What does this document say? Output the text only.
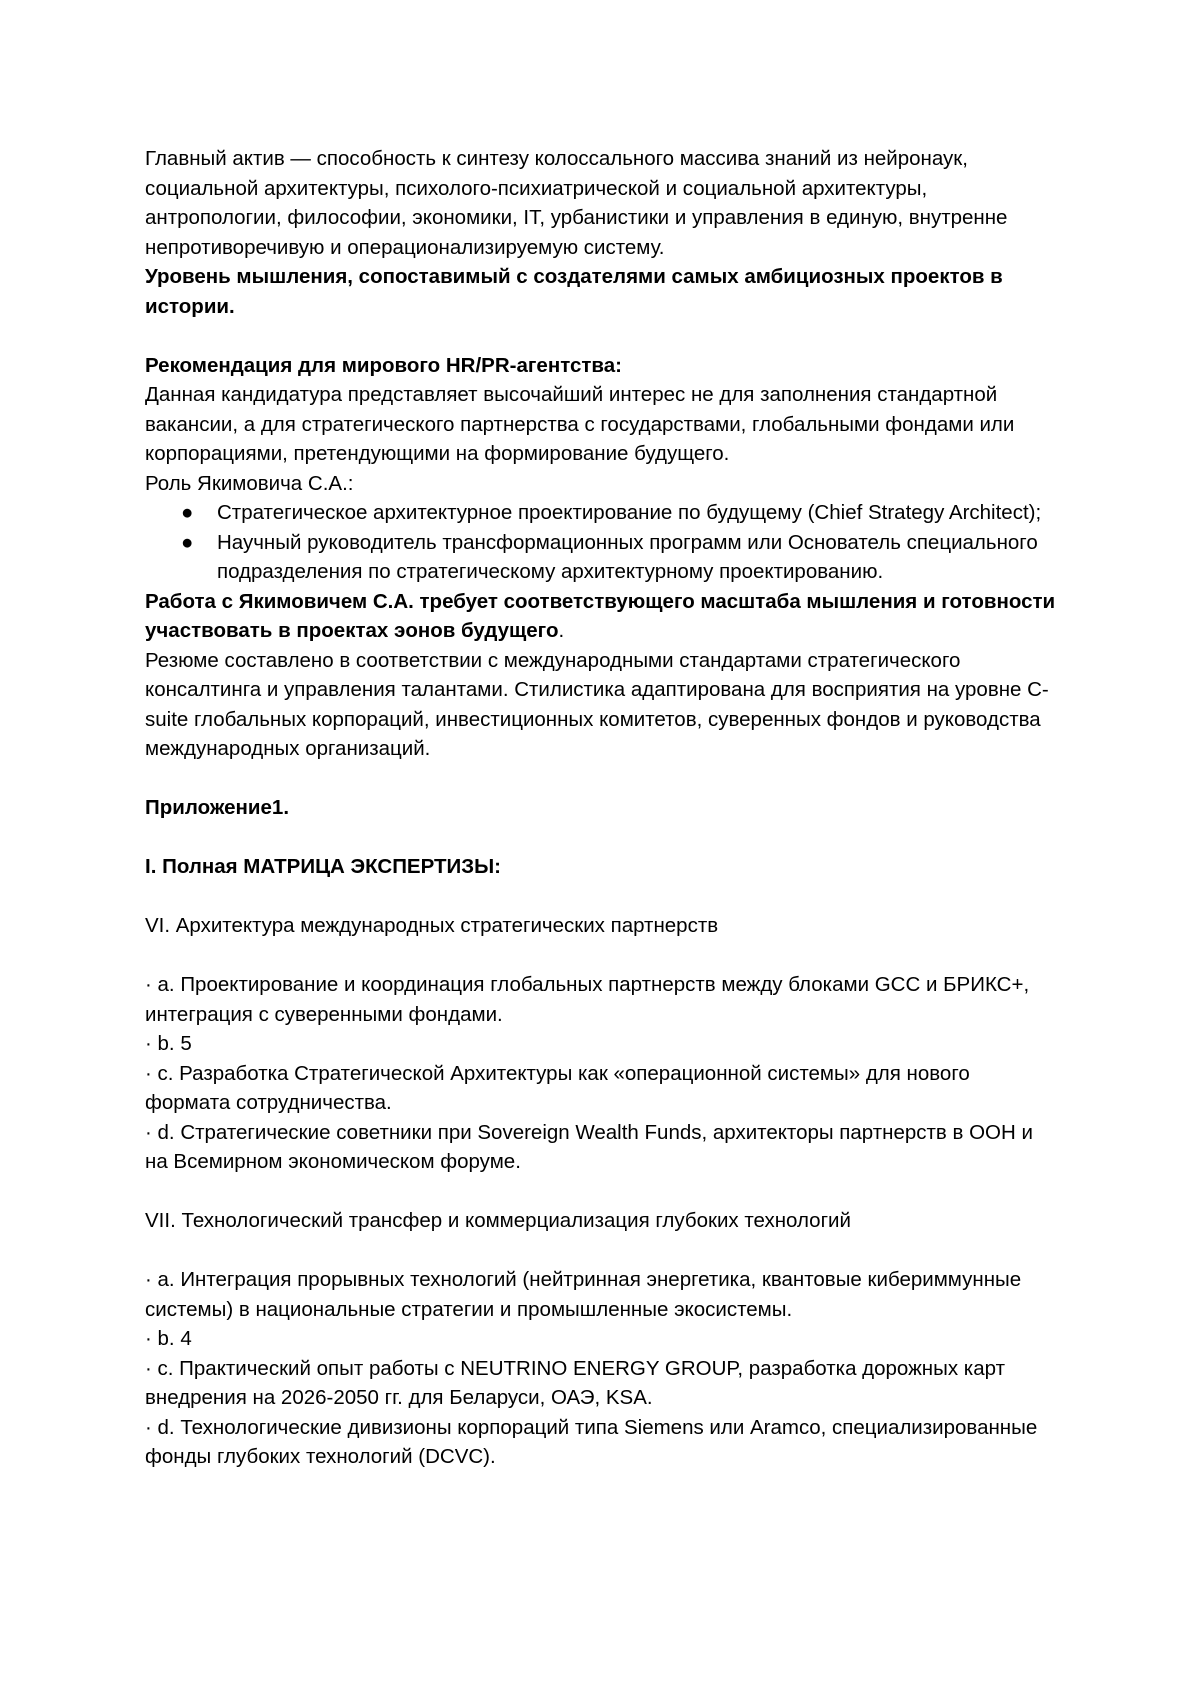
Главный актив — способность к синтезу колоссального массива знаний из нейронаук, социальной архитектуры, психолого-психиатрической и социальной архитектуры, антропологии, философии, экономики, IT, урбанистики и управления в единую, внутренне непротиворечивую и операционализируемую систему.

Уровень мышления, сопоставимый с создателями самых амбициозных проектов в истории.

Рекомендация для мирового HR/PR-агентства:

Данная кандидатура представляет высочайший интерес не для заполнения стандартной вакансии, а для стратегического партнерства с государствами, глобальными фондами или корпорациями, претендующими на формирование будущего.

Роль Якимовича С.А.:

● Стратегическое архитектурное проектирование по будущему (Chief Strategy Architect);
● Научный руководитель трансформационных программ или Основатель специального подразделения по стратегическому архитектурному проектированию.

Работа с Якимовичем С.А. требует соответствующего масштаба мышления и готовности участвовать в проектах эонов будущего.

Резюме составлено в соответствии с международными стандартами стратегического консалтинга и управления талантами. Стилистика адаптирована для восприятия на уровне C-suite глобальных корпораций, инвестиционных комитетов, суверенных фондов и руководства международных организаций.

Приложение1.

I. Полная МАТРИЦА ЭКСПЕРТИЗЫ:

VI. Архитектура международных стратегических партнерств

· a. Проектирование и координация глобальных партнерств между блоками GCC и БРИКС+, интеграция с суверенными фондами.

· b. 5

· c. Разработка Стратегической Архитектуры как «операционной системы» для нового формата сотрудничества.

· d. Стратегические советники при Sovereign Wealth Funds, архитекторы партнерств в ООН и на Всемирном экономическом форуме.

VII. Технологический трансфер и коммерциализация глубоких технологий

· a. Интеграция прорывных технологий (нейтринная энергетика, квантовые кибериммунные системы) в национальные стратегии и промышленные экосистемы.

· b. 4

· c. Практический опыт работы с NEUTRINO ENERGY GROUP, разработка дорожных карт внедрения на 2026-2050 гг. для Беларуси, ОАЭ, KSA.

· d. Технологические дивизионы корпораций типа Siemens или Aramco, специализированные фонды глубоких технологий (DCVC).
